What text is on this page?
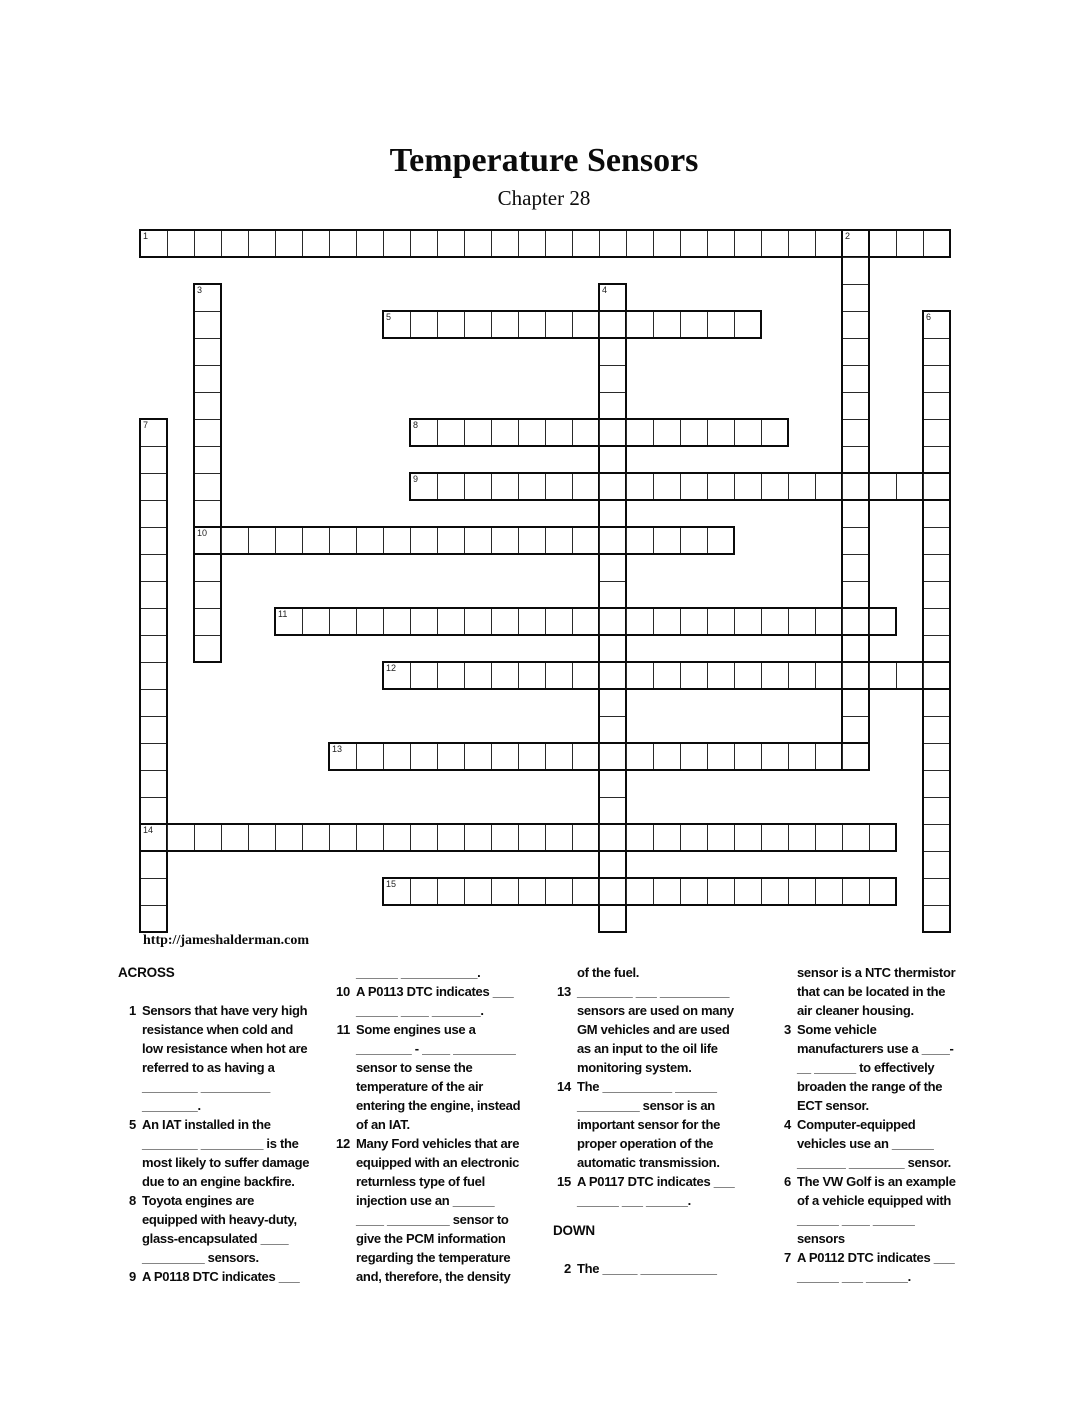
Temperature Sensors
Chapter 28
1	2
3	4
5	6
7	8
9
10
11
12
13
14
15
http://jameshalderman.com
ACROSS
1 Sensors that have very high
resistance when cold and
low resistance when hot are
referred to as having a
________ __________
________.
5 An IAT installed in the
________ _________ is the
most likely to suffer damage
due to an engine backfire.
8 Toyota engines are
equipped with heavy-duty,
glass-encapsulated ____
_________ sensors.
9 A P0118 DTC indicates ___
______ ___________.
10 A P0113 DTC indicates ___
______ ____ _______.
11 Some engines use a
________ - ____ _________
sensor to sense the
temperature of the air
entering the engine, instead
of an IAT.
12 Many Ford vehicles that are
equipped with an electronic
returnless type of fuel
injection use an ______
____ _________ sensor to
give the PCM information
regarding the temperature
and, therefore, the density
of the fuel.
13 ________ ___ __________
sensors are used on many
GM vehicles and are used
as an input to the oil life
monitoring system.
14 The __________ ______
_________ sensor is an
important sensor for the
proper operation of the
automatic transmission.
15 A P0117 DTC indicates ___
______ ___ ______.
DOWN
2 The _____ ___________
sensor is a NTC thermistor
that can be located in the
air cleaner housing.
3 Some vehicle
manufacturers use a ____-
__ ______ to effectively
broaden the range of the
ECT sensor.
4 Computer-equipped
vehicles use an ______
_______ ________ sensor.
6 The VW Golf is an example
of a vehicle equipped with
______ ____ ______
sensors
7 A P0112 DTC indicates ___
______ ___ ______.
